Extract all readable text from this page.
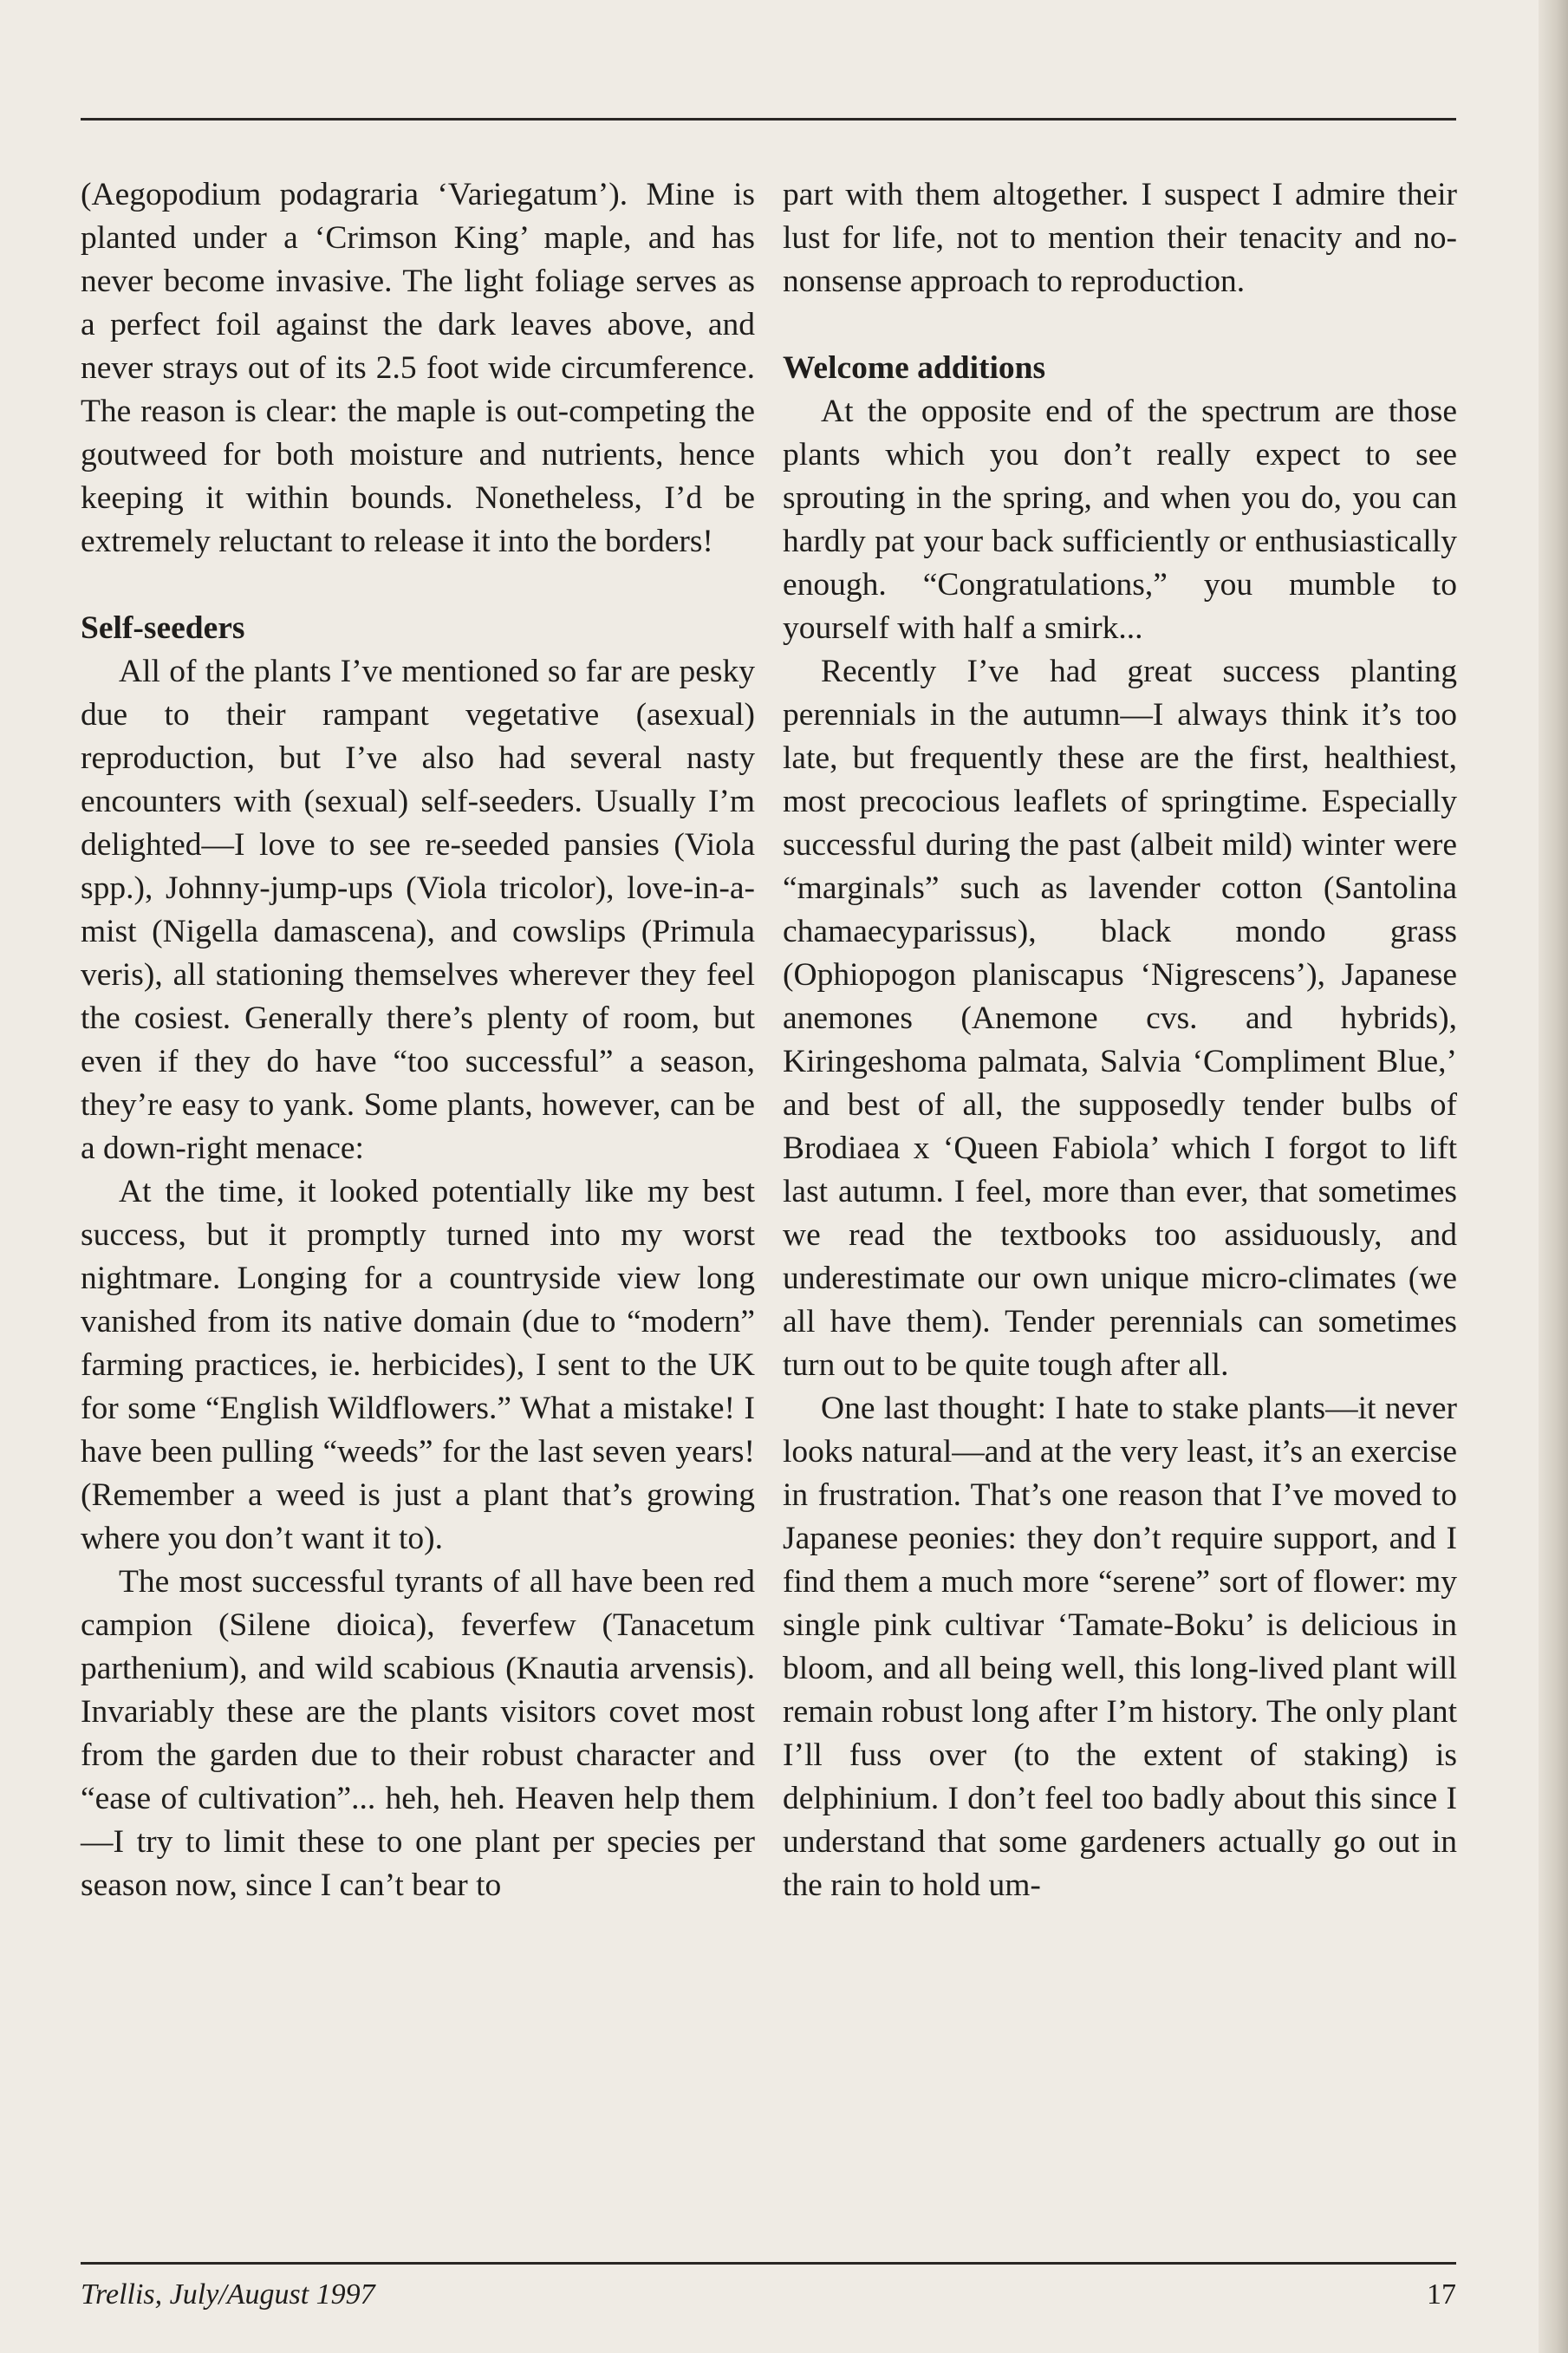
(Aegopodium podagraria ‘Variegatum’). Mine is planted under a ‘Crimson King’ maple, and has never become invasive. The light foliage serves as a perfect foil against the dark leaves above, and never strays out of its 2.5 foot wide circumference. The reason is clear: the maple is out-competing the goutweed for both moisture and nutrients, hence keeping it within bounds. Nonetheless, I’d be extremely reluctant to release it into the borders!

Self-seeders

All of the plants I’ve mentioned so far are pesky due to their rampant vegetative (asexual) reproduction, but I’ve also had several nasty encounters with (sexual) self-seeders. Usually I’m delighted—I love to see re-seeded pansies (Viola spp.), Johnny-jump-ups (Viola tricolor), love-in-a-mist (Nigella damascena), and cowslips (Primula veris), all stationing themselves wherever they feel the cosiest. Generally there’s plenty of room, but even if they do have “too successful” a season, they’re easy to yank. Some plants, however, can be a down-right menace:

At the time, it looked potentially like my best success, but it promptly turned into my worst nightmare. Longing for a countryside view long vanished from its native domain (due to “modern” farming practices, ie. herbicides), I sent to the UK for some “English Wildflowers.” What a mistake! I have been pulling “weeds” for the last seven years! (Remember a weed is just a plant that’s growing where you don’t want it to).

The most successful tyrants of all have been red campion (Silene dioica), feverfew (Tanacetum parthenium), and wild scabious (Knautia arvensis). Invariably these are the plants visitors covet most from the garden due to their robust character and “ease of cultivation”... heh, heh. Heaven help them—I try to limit these to one plant per species per season now, since I can’t bear to

part with them altogether. I suspect I admire their lust for life, not to mention their tenacity and no-nonsense approach to reproduction.

Welcome additions

At the opposite end of the spectrum are those plants which you don’t really expect to see sprouting in the spring, and when you do, you can hardly pat your back sufficiently or enthusiastically enough. “Congratulations,” you mumble to yourself with half a smirk...

Recently I’ve had great success planting perennials in the autumn—I always think it’s too late, but frequently these are the first, healthiest, most precocious leaflets of springtime. Especially successful during the past (albeit mild) winter were “marginals” such as lavender cotton (Santolina chamaecyparissus), black mondo grass (Ophiopogon planiscapus ‘Nigrescens’), Japanese anemones (Anemone cvs. and hybrids), Kiringeshoma palmata, Salvia ‘Compliment Blue,’ and best of all, the supposedly tender bulbs of Brodiaea x ‘Queen Fabiola’ which I forgot to lift last autumn. I feel, more than ever, that sometimes we read the textbooks too assiduously, and underestimate our own unique micro-climates (we all have them). Tender perennials can sometimes turn out to be quite tough after all.

One last thought: I hate to stake plants—it never looks natural—and at the very least, it’s an exercise in frustration. That’s one reason that I’ve moved to Japanese peonies: they don’t require support, and I find them a much more “serene” sort of flower: my single pink cultivar ‘Tamate-Boku’ is delicious in bloom, and all being well, this long-lived plant will remain robust long after I’m history. The only plant I’ll fuss over (to the extent of staking) is delphinium. I don’t feel too badly about this since I understand that some gardeners actually go out in the rain to hold um-

Trellis, July/August 1997	17
